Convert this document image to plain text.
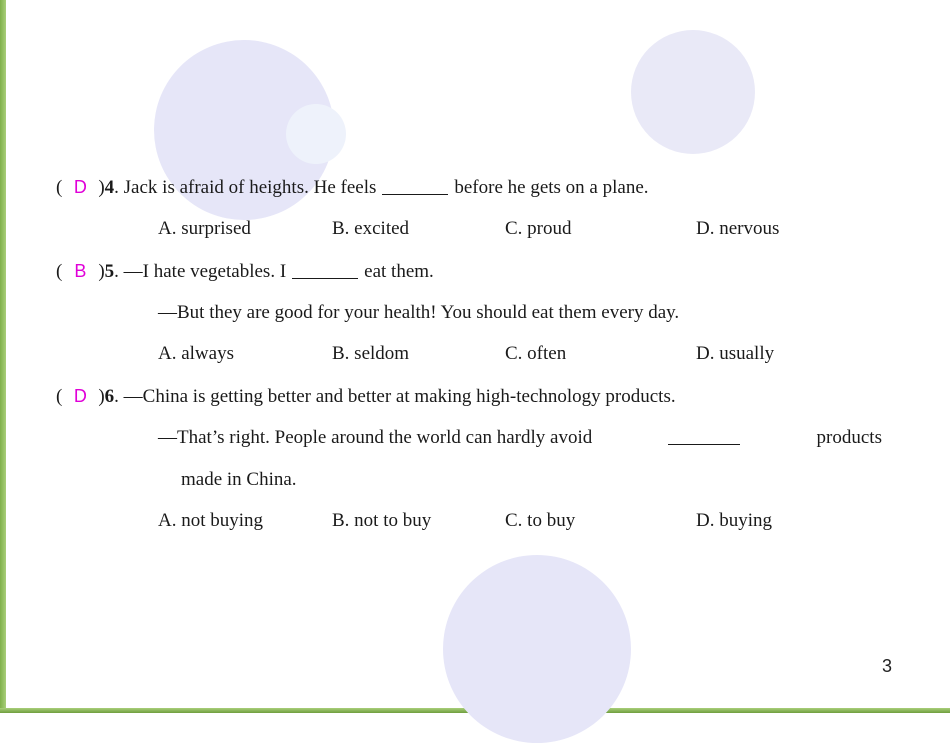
( D )4. Jack is afraid of heights. He feels	before he gets on a plane.
A. surprised	B. excited	C. proud	D. nervous
( B )5. —I hate vegetables. I	eat them.
—But they are good for your health! You should eat them every day.
A. always	B. seldom	C. often	D. usually
( D )6. —China is getting better and better at making high-technology products.
—That’s right. People around the world can hardly avoid	products
made in China.
A. not buying	B. not to buy	C. to buy	D. buying
3
